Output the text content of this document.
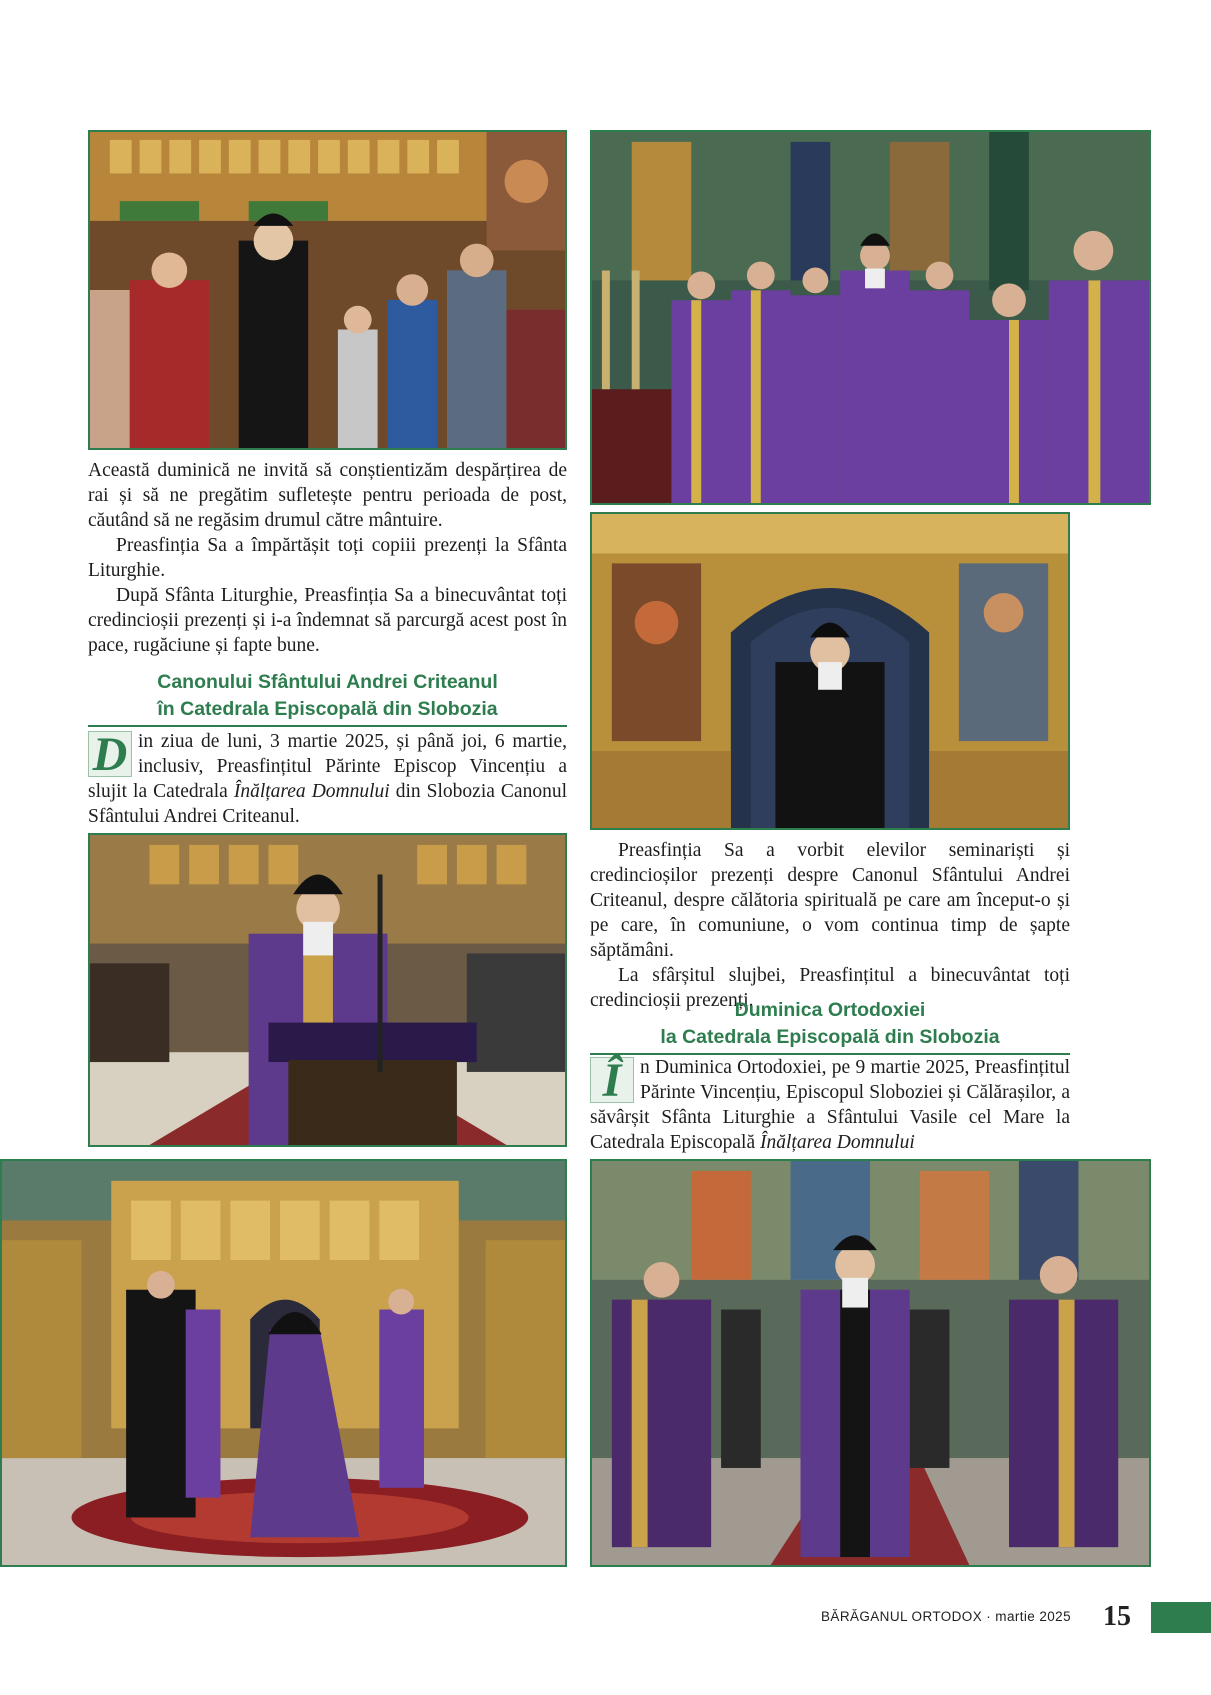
Această duminică ne invită să conștientizăm despărțirea de rai și să ne pregătim sufletește pentru perioada de post, căutând să ne regăsim drumul către mântuire.

Preasfinția Sa a împărtășit toți copiii prezenți la Sfânta Liturghie.

După Sfânta Liturghie, Preasfinția Sa a binecuvântat toți credincioșii prezenți și i-a îndemnat să parcurgă acest post în pace, rugăciune și fapte bune.

Canonului Sfântului Andrei Criteanul
în Catedrala Episcopală din Slobozia
D in ziua de luni, 3 martie 2025, și până joi, 6 martie, inclusiv, Preasfințitul Părinte Episcop Vincențiu a slujit la Catedrala Înălțarea Domnului din Slobozia Canonul Sfântului Andrei Criteanul.

Preasfinția Sa a vorbit elevilor seminariști și credincioșilor prezenți despre Canonul Sfântului Andrei Criteanul, despre călătoria spirituală pe care am început-o și pe care, în comuniune, o vom continua timp de șapte săptămâni.

La sfârșitul slujbei, Preasfințitul a binecuvântat toți credincioșii prezenți.

Duminica Ortodoxiei
la Catedrala Episcopală din Slobozia
Î n Duminica Ortodoxiei, pe 9 martie 2025, Preasfințitul Părinte Vincențiu, Episcopul Sloboziei și Călărașilor, a săvârșit Sfânta Liturghie a Sfântului Vasile cel Mare la Catedrala Episcopală Înălțarea Domnului
BĂRĂGANUL ORTODOX · martie 2025 15
